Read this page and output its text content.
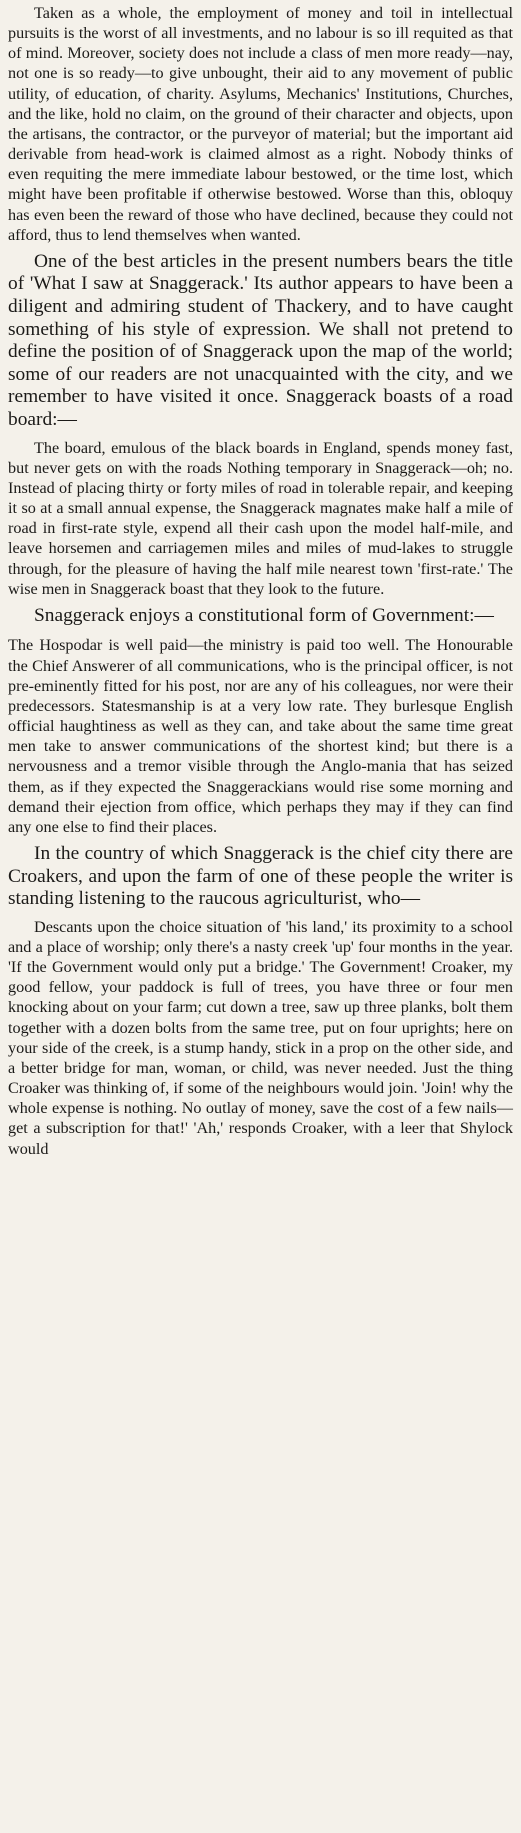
Taken as a whole, the employment of money and toil in intellectual pursuits is the worst of all investments, and no labour is so ill requited as that of mind. Moreover, society does not include a class of men more ready—nay, not one is so ready—to give unbought, their aid to any movement of public utility, of education, of charity. Asylums, Mechanics' Institutions, Churches, and the like, hold no claim, on the ground of their character and objects, upon the artisans, the contractor, or the purveyor of material; but the important aid derivable from head-work is claimed almost as a right. Nobody thinks of even requiting the mere immediate labour bestowed, or the time lost, which might have been profitable if otherwise bestowed. Worse than this, obloquy has even been the reward of those who have declined, because they could not afford, thus to lend themselves when wanted.

One of the best articles in the present numbers bears the title of 'What I saw at Snaggerack.' Its author appears to have been a diligent and admiring student of Thackery, and to have caught something of his style of expression. We shall not pretend to define the position of of Snaggerack upon the map of the world; some of our readers are not unacquainted with the city, and we remember to have visited it once. Snaggerack boasts of a road board:—

The board, emulous of the black boards in England, spends money fast, but never gets on with the roads Nothing temporary in Snaggerack—oh; no. Instead of placing thirty or forty miles of road in tolerable repair, and keeping it so at a small annual expense, the Snaggerack magnates make half a mile of road in first-rate style, expend all their cash upon the model half-mile, and leave horsemen and carriagemen miles and miles of mud-lakes to struggle through, for the pleasure of having the half mile nearest town 'first-rate.' The wise men in Snaggerack boast that they look to the future.

Snaggerack enjoys a constitutional form of Government:—

The Hospodar is well paid—the ministry is paid too well. The Honourable the Chief Answerer of all communications, who is the principal officer, is not pre-eminently fitted for his post, nor are any of his colleagues, nor were their predecessors. Statesmanship is at a very low rate. They burlesque English official haughtiness as well as they can, and take about the same time great men take to answer communications of the shortest kind; but there is a nervousness and a tremor visible through the Anglo-mania that has seized them, as if they expected the Snaggerackians would rise some morning and demand their ejection from office, which perhaps they may if they can find any one else to find their places.

In the country of which Snaggerack is the chief city there are Croakers, and upon the farm of one of these people the writer is standing listening to the raucous agriculturist, who—

Descants upon the choice situation of 'his land,' its proximity to a school and a place of worship; only there's a nasty creek 'up' four months in the year. 'If the Government would only put a bridge.' The Government! Croaker, my good fellow, your paddock is full of trees, you have three or four men knocking about on your farm; cut down a tree, saw up three planks, bolt them together with a dozen bolts from the same tree, put on four uprights; here on your side of the creek, is a stump handy, stick in a prop on the other side, and a better bridge for man, woman, or child, was never needed. Just the thing Croaker was thinking of, if some of the neighbours would join. 'Join! why the whole expense is nothing. No outlay of money, save the cost of a few nails—get a subscription for that!' 'Ah,' responds Croaker, with a leer that Shylock would
